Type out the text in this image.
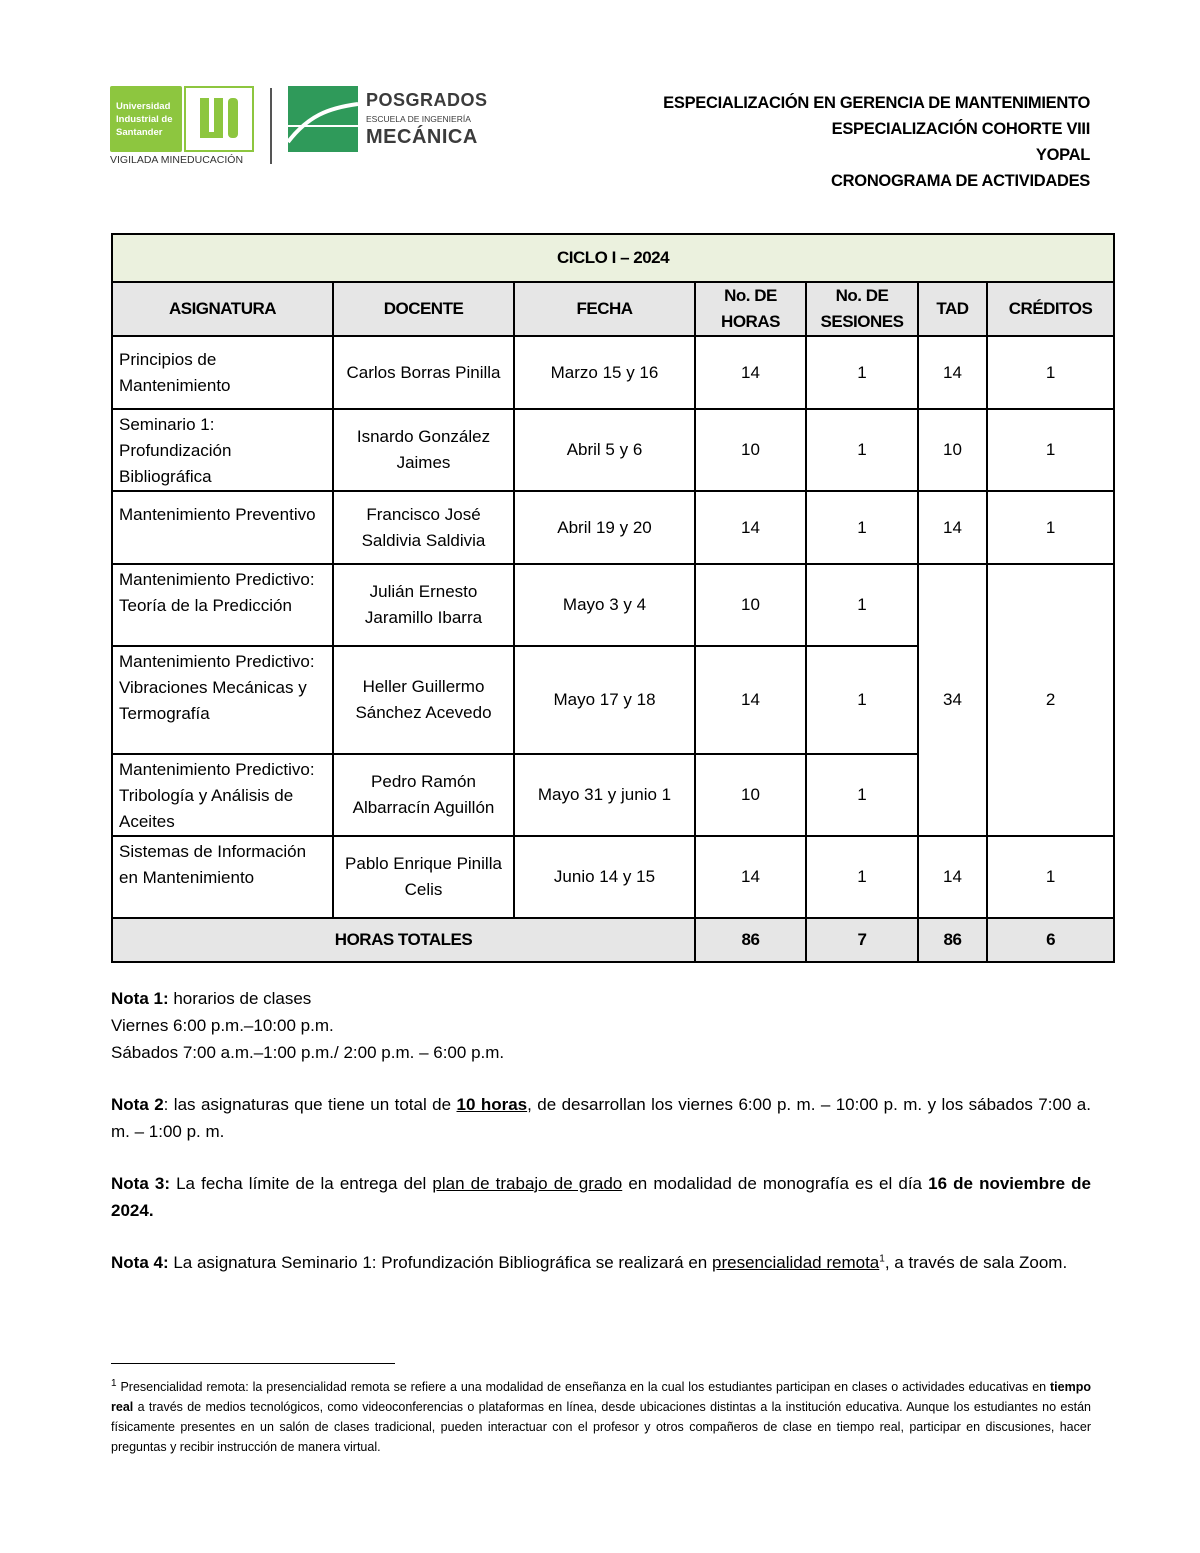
Universidad Industrial de Santander
VIGILADA MINEDUCACIÓN
POSGRADOS
ESCUELA DE INGENIERÍA
MECÁNICA
ESPECIALIZACIÓN EN GERENCIA DE MANTENIMIENTO
ESPECIALIZACIÓN COHORTE VIII
YOPAL
CRONOGRAMA DE ACTIVIDADES
CICLO I – 2024						
ASIGNATURA	DOCENTE	FECHA	No. DE HORAS	No. DE SESIONES	TAD	CRÉDITOS
Principios de Mantenimiento	Carlos Borras Pinilla	Marzo 15 y 16	14	1	14	1
Seminario 1: Profundización Bibliográfica	Isnardo González Jaimes	Abril 5 y 6	10	1	10	1
Mantenimiento Preventivo	Francisco José Saldivia Saldivia	Abril 19 y 20	14	1	14	1
Mantenimiento Predictivo: Teoría de la Predicción	Julián Ernesto Jaramillo Ibarra	Mayo 3 y 4	10	1	34	2
Mantenimiento Predictivo: Vibraciones Mecánicas y Termografía	Heller Guillermo Sánchez Acevedo	Mayo 17 y 18	14	1		
Mantenimiento Predictivo: Tribología y Análisis de Aceites	Pedro Ramón Albarracín Aguillón	Mayo 31 y junio 1	10	1		
Sistemas de Información en Mantenimiento	Pablo Enrique Pinilla Celis	Junio 14 y 15	14	1	14	1
HORAS TOTALES			86	7	86	6

Nota 1: horarios de clases

Viernes 6:00 p.m.–10:00 p.m.

Sábados 7:00 a.m.–1:00 p.m./ 2:00 p.m. – 6:00 p.m.

Nota 2: las asignaturas que tiene un total de 10 horas, de desarrollan los viernes 6:00 p. m. – 10:00 p. m. y los sábados 7:00 a. m. – 1:00 p. m.

Nota 3: La fecha límite de la entrega del plan de trabajo de grado en modalidad de monografía es el día 16 de noviembre de 2024.

Nota 4: La asignatura Seminario 1: Profundización Bibliográfica se realizará en presencialidad remota$^1$, a través de sala Zoom.

$^1$ Presencialidad remota: la presencialidad remota se refiere a una modalidad de enseñanza en la cual los estudiantes participan en clases o actividades educativas en tiempo real a través de medios tecnológicos, como videoconferencias o plataformas en línea, desde ubicaciones distintas a la institución educativa. Aunque los estudiantes no están físicamente presentes en un salón de clases tradicional, pueden interactuar con el profesor y otros compañeros de clase en tiempo real, participar en discusiones, hacer preguntas y recibir instrucción de manera virtual.
